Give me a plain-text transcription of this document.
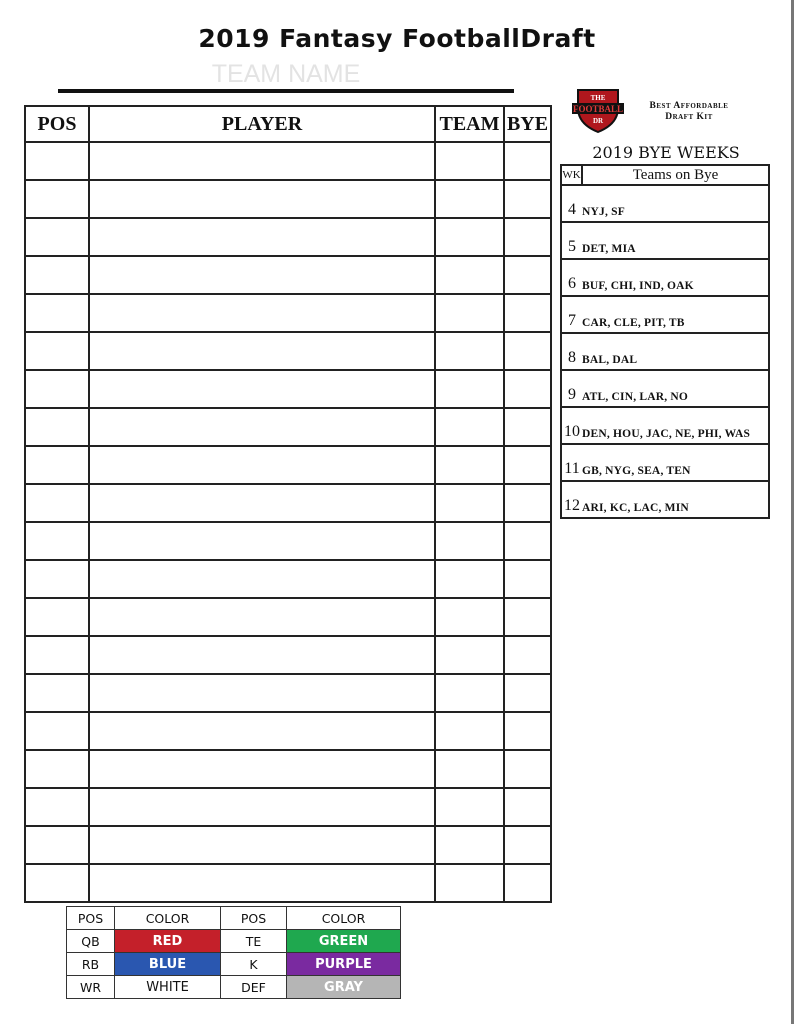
2019 Fantasy FootballDraft
TEAM NAME
POS	PLAYER	TEAM	BYE

THE
FOOTBALL
DR
Best Affordable
Draft Kit
2019 BYE WEEKS
WK	Teams on Bye
4	NYJ, SF
5	DET, MIA
6	BUF, CHI, IND, OAK
7	CAR, CLE, PIT, TB
8	BAL, DAL
9	ATL, CIN, LAR, NO
10	DEN, HOU, JAC, NE, PHI, WAS
11	GB, NYG, SEA, TEN
12	ARI, KC, LAC, MIN
POS	COLOR	POS	COLOR
QB	RED	TE	GREEN
RB	BLUE	K	PURPLE
WR	WHITE	DEF	GRAY
